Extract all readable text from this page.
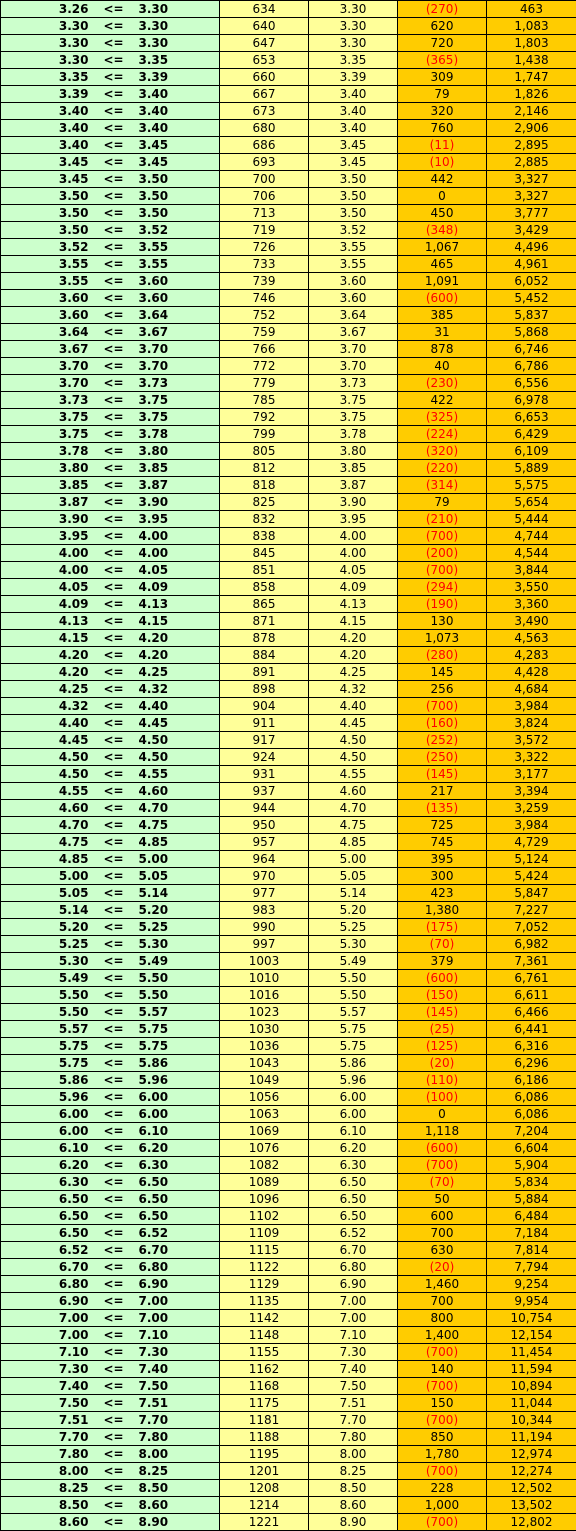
3.26	<=	3.30	634	3.30	(270)	463
3.30	<=	3.30	640	3.30	620	1,083
3.30	<=	3.30	647	3.30	720	1,803
3.30	<=	3.35	653	3.35	(365)	1,438
3.35	<=	3.39	660	3.39	309	1,747
3.39	<=	3.40	667	3.40	79	1,826
3.40	<=	3.40	673	3.40	320	2,146
3.40	<=	3.40	680	3.40	760	2,906
3.40	<=	3.45	686	3.45	(11)	2,895
3.45	<=	3.45	693	3.45	(10)	2,885
3.45	<=	3.50	700	3.50	442	3,327
3.50	<=	3.50	706	3.50	0	3,327
3.50	<=	3.50	713	3.50	450	3,777
3.50	<=	3.52	719	3.52	(348)	3,429
3.52	<=	3.55	726	3.55	1,067	4,496
3.55	<=	3.55	733	3.55	465	4,961
3.55	<=	3.60	739	3.60	1,091	6,052
3.60	<=	3.60	746	3.60	(600)	5,452
3.60	<=	3.64	752	3.64	385	5,837
3.64	<=	3.67	759	3.67	31	5,868
3.67	<=	3.70	766	3.70	878	6,746
3.70	<=	3.70	772	3.70	40	6,786
3.70	<=	3.73	779	3.73	(230)	6,556
3.73	<=	3.75	785	3.75	422	6,978
3.75	<=	3.75	792	3.75	(325)	6,653
3.75	<=	3.78	799	3.78	(224)	6,429
3.78	<=	3.80	805	3.80	(320)	6,109
3.80	<=	3.85	812	3.85	(220)	5,889
3.85	<=	3.87	818	3.87	(314)	5,575
3.87	<=	3.90	825	3.90	79	5,654
3.90	<=	3.95	832	3.95	(210)	5,444
3.95	<=	4.00	838	4.00	(700)	4,744
4.00	<=	4.00	845	4.00	(200)	4,544
4.00	<=	4.05	851	4.05	(700)	3,844
4.05	<=	4.09	858	4.09	(294)	3,550
4.09	<=	4.13	865	4.13	(190)	3,360
4.13	<=	4.15	871	4.15	130	3,490
4.15	<=	4.20	878	4.20	1,073	4,563
4.20	<=	4.20	884	4.20	(280)	4,283
4.20	<=	4.25	891	4.25	145	4,428
4.25	<=	4.32	898	4.32	256	4,684
4.32	<=	4.40	904	4.40	(700)	3,984
4.40	<=	4.45	911	4.45	(160)	3,824
4.45	<=	4.50	917	4.50	(252)	3,572
4.50	<=	4.50	924	4.50	(250)	3,322
4.50	<=	4.55	931	4.55	(145)	3,177
4.55	<=	4.60	937	4.60	217	3,394
4.60	<=	4.70	944	4.70	(135)	3,259
4.70	<=	4.75	950	4.75	725	3,984
4.75	<=	4.85	957	4.85	745	4,729
4.85	<=	5.00	964	5.00	395	5,124
5.00	<=	5.05	970	5.05	300	5,424
5.05	<=	5.14	977	5.14	423	5,847
5.14	<=	5.20	983	5.20	1,380	7,227
5.20	<=	5.25	990	5.25	(175)	7,052
5.25	<=	5.30	997	5.30	(70)	6,982
5.30	<=	5.49	1003	5.49	379	7,361
5.49	<=	5.50	1010	5.50	(600)	6,761
5.50	<=	5.50	1016	5.50	(150)	6,611
5.50	<=	5.57	1023	5.57	(145)	6,466
5.57	<=	5.75	1030	5.75	(25)	6,441
5.75	<=	5.75	1036	5.75	(125)	6,316
5.75	<=	5.86	1043	5.86	(20)	6,296
5.86	<=	5.96	1049	5.96	(110)	6,186
5.96	<=	6.00	1056	6.00	(100)	6,086
6.00	<=	6.00	1063	6.00	0	6,086
6.00	<=	6.10	1069	6.10	1,118	7,204
6.10	<=	6.20	1076	6.20	(600)	6,604
6.20	<=	6.30	1082	6.30	(700)	5,904
6.30	<=	6.50	1089	6.50	(70)	5,834
6.50	<=	6.50	1096	6.50	50	5,884
6.50	<=	6.50	1102	6.50	600	6,484
6.50	<=	6.52	1109	6.52	700	7,184
6.52	<=	6.70	1115	6.70	630	7,814
6.70	<=	6.80	1122	6.80	(20)	7,794
6.80	<=	6.90	1129	6.90	1,460	9,254
6.90	<=	7.00	1135	7.00	700	9,954
7.00	<=	7.00	1142	7.00	800	10,754
7.00	<=	7.10	1148	7.10	1,400	12,154
7.10	<=	7.30	1155	7.30	(700)	11,454
7.30	<=	7.40	1162	7.40	140	11,594
7.40	<=	7.50	1168	7.50	(700)	10,894
7.50	<=	7.51	1175	7.51	150	11,044
7.51	<=	7.70	1181	7.70	(700)	10,344
7.70	<=	7.80	1188	7.80	850	11,194
7.80	<=	8.00	1195	8.00	1,780	12,974
8.00	<=	8.25	1201	8.25	(700)	12,274
8.25	<=	8.50	1208	8.50	228	12,502
8.50	<=	8.60	1214	8.60	1,000	13,502
8.60	<=	8.90	1221	8.90	(700)	12,802
